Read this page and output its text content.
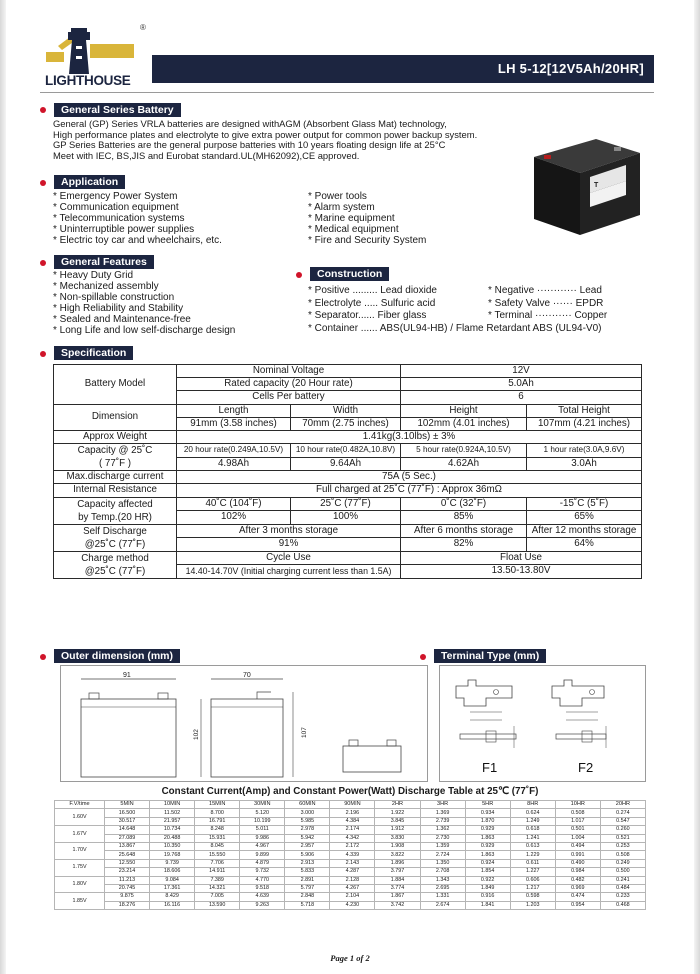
®
LIGHTHOUSE
LH 5-12[12V5Ah/20HR]
General Series Battery
General (GP) Series VRLA batteries are designed withAGM (Absorbent Glass Mat) technology,
High performance plates and electrolyte to give extra power output for common power backup system.
GP Series Batteries are the general purpose batteries with 10 years floating design life at 25°C
Meet with IEC, BS,JIS and Eurobat standard.UL(MH62092),CE approved.
T
Application
* Emergency Power System
* Communication equipment
* Telecommunication systems
* Uninterruptible power supplies
* Electric toy car and wheelchairs, etc.
* Power tools
* Alarm system
* Marine equipment
* Medical equipment
* Fire and Security System
General Features
* Heavy Duty Grid
* Mechanized assembly
* Non-spillable construction
* High Reliability and Stability
* Sealed and Maintenance-free
* Long Life and low self-discharge design
Construction
* Positive ......... Lead dioxide
* Electrolyte ..... Sulfuric acid
* Separator...... Fiber glass
* Container ...... ABS(UL94-HB) / Flame Retardant ABS (UL94-V0)
* Negative ············ Lead
* Safety Valve ······ EPDR
* Terminal ··········· Copper
Specification
Battery Model	Nominal Voltage		12V	
	Rated capacity (20 Hour rate)		5.0Ah	
	Cells Per battery		6	
Dimension	Length	Width	Height	Total Height
	91mm (3.58 inches)	70mm (2.75 inches)	102mm (4.01 inches)	107mm (4.21 inches)
Approx Weight	1.41kg(3.10lbs) ± 3%			

Capacity @ 25˚C
( 77˚F )	20 hour rate(0.249A,10.5V)	10 hour rate(0.482A,10.8V)	5 hour rate(0.924A,10.5V)	1 hour rate(3.0A,9.6V)
	4.98Ah	9.64Ah	4.62Ah	3.0Ah
Max.discharge current	75A (5 Sec.)			
Internal Resistance	Full charged at 25˚C (77˚F) : Approx 36mΩ			

Capacity affected
by Temp.(20 HR)	40˚C (104˚F)	25˚C (77˚F)	0˚C (32˚F)	-15˚C (5˚F)
	102%	100%	85%	65%

Self Discharge
@25˚C (77˚F)	After 3 months storage		After 6 months storage	After 12 months storage
	91%		82%	64%

Charge method
@25˚C (77˚F)	Cycle Use		Float Use	
	14.40-14.70V (Initial charging current less than 1.5A)		13.50-13.80V	
Outer dimension (mm)
91	70
102	107
Terminal Type (mm)
F1	F2
Constant Current(Amp) and Constant Power(Watt) Discharge Table at 25℃ (77˚F)
F.V/time	5MIN	10MIN	15MIN	30MIN	60MIN	90MIN	2HR	3HR	5HR	8HR	10HR	20HR
1.60V	16.500	11.502	8.700	5.120	3.000	2.196	1.922	1.369	0.934	0.624	0.508	0.274
	30.517	21.957	16.791	10.199	5.985	4.384	3.845	2.739	1.870	1.249	1.017	0.547
1.67V	14.648	10.734	8.248	5.011	2.978	2.174	1.912	1.362	0.929	0.618	0.501	0.260
	27.089	20.488	15.931	9.986	5.942	4.342	3.830	2.730	1.863	1.241	1.004	0.521
1.70V	13.867	10.350	8.045	4.967	2.957	2.172	1.908	1.359	0.929	0.613	0.494	0.253
	25.648	19.768	15.550	9.899	5.906	4.339	3.822	2.724	1.863	1.229	0.991	0.508
1.75V	12.550	9.739	7.706	4.879	2.913	2.143	1.896	1.350	0.924	0.611	0.490	0.249
	23.214	18.606	14.911	9.732	5.833	4.287	3.797	2.708	1.854	1.227	0.984	0.500
1.80V	11.213	9.084	7.389	4.770	2.891	2.128	1.884	1.343	0.922	0.606	0.482	0.241
	20.745	17.361	14.321	9.518	5.797	4.267	3.774	2.695	1.849	1.217	0.969	0.484
1.85V	9.875	8.429	7.005	4.639	2.848	2.104	1.867	1.331	0.916	0.598	0.474	0.233
	18.276	16.116	13.590	9.263	5.718	4.230	3.742	2.674	1.841	1.203	0.954	0.468
Page 1 of 2
